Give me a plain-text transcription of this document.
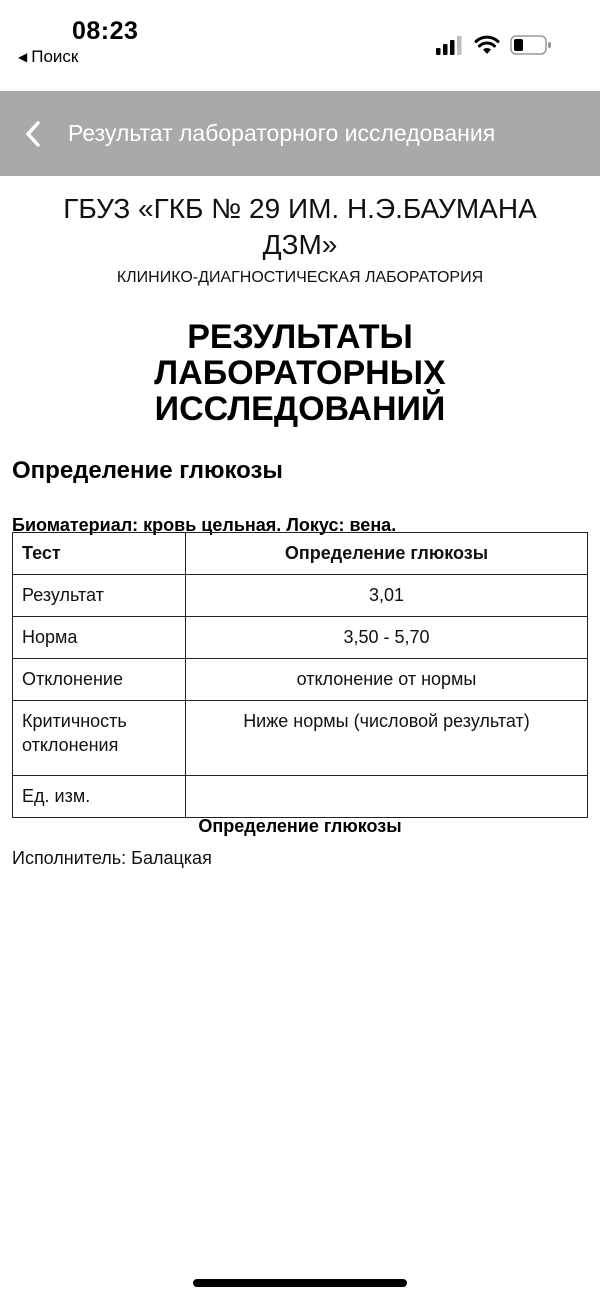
08:23
◀ Поиск
Результат лабораторного исследования
ГБУЗ «ГКБ № 29 ИМ. Н.Э.БАУМАНА ДЗМ»
КЛИНИКО-ДИАГНОСТИЧЕСКАЯ ЛАБОРАТОРИЯ
РЕЗУЛЬТАТЫ ЛАБОРАТОРНЫХ ИССЛЕДОВАНИЙ
Определение глюкозы
Биоматериал: кровь цельная. Локус: вена.
Тест	Определение глюкозы
Результат	3,01
Норма	3,50 - 5,70
Отклонение	отклонение от нормы
Критичность отклонения	Ниже нормы (числовой результат)
Ед. изм.	
Определение глюкозы
Исполнитель: Балацкая
